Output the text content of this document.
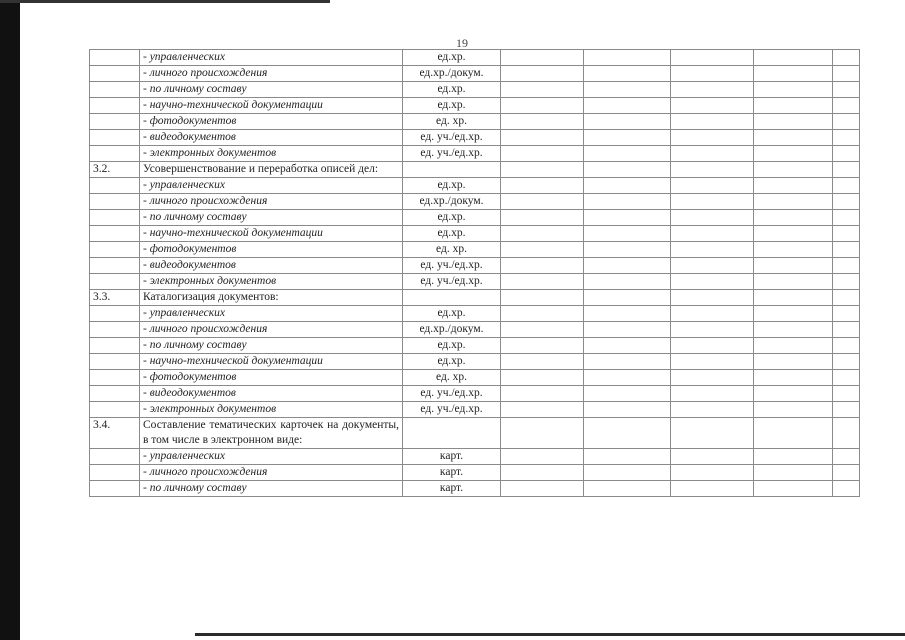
19
	- управленческих	ед.хр.					
	- личного происхождения	ед.хр./докум.					
	- по личному составу	ед.хр.					
	- научно-технической документации	ед.хр.					
	- фотодокументов	ед. хр.					
	- видеодокументов	ед. уч./ед.хр.					
	- электронных документов	ед. уч./ед.хр.					
3.2.	Усовершенствование и переработка описей дел:						
	- управленческих	ед.хр.					
	- личного происхождения	ед.хр./докум.					
	- по личному составу	ед.хр.					
	- научно-технической документации	ед.хр.					
	- фотодокументов	ед. хр.					
	- видеодокументов	ед. уч./ед.хр.					
	- электронных документов	ед. уч./ед.хр.					
3.3.	Каталогизация документов:						
	- управленческих	ед.хр.					
	- личного происхождения	ед.хр./докум.					
	- по личному составу	ед.хр.					
	- научно-технической документации	ед.хр.					
	- фотодокументов	ед. хр.					
	- видеодокументов	ед. уч./ед.хр.					
	- электронных документов	ед. уч./ед.хр.					
3.4.	Составление тематических карточек на документы, в том числе в электронном виде:						
	- управленческих	карт.					
	- личного происхождения	карт.					
	- по личному составу	карт.					
